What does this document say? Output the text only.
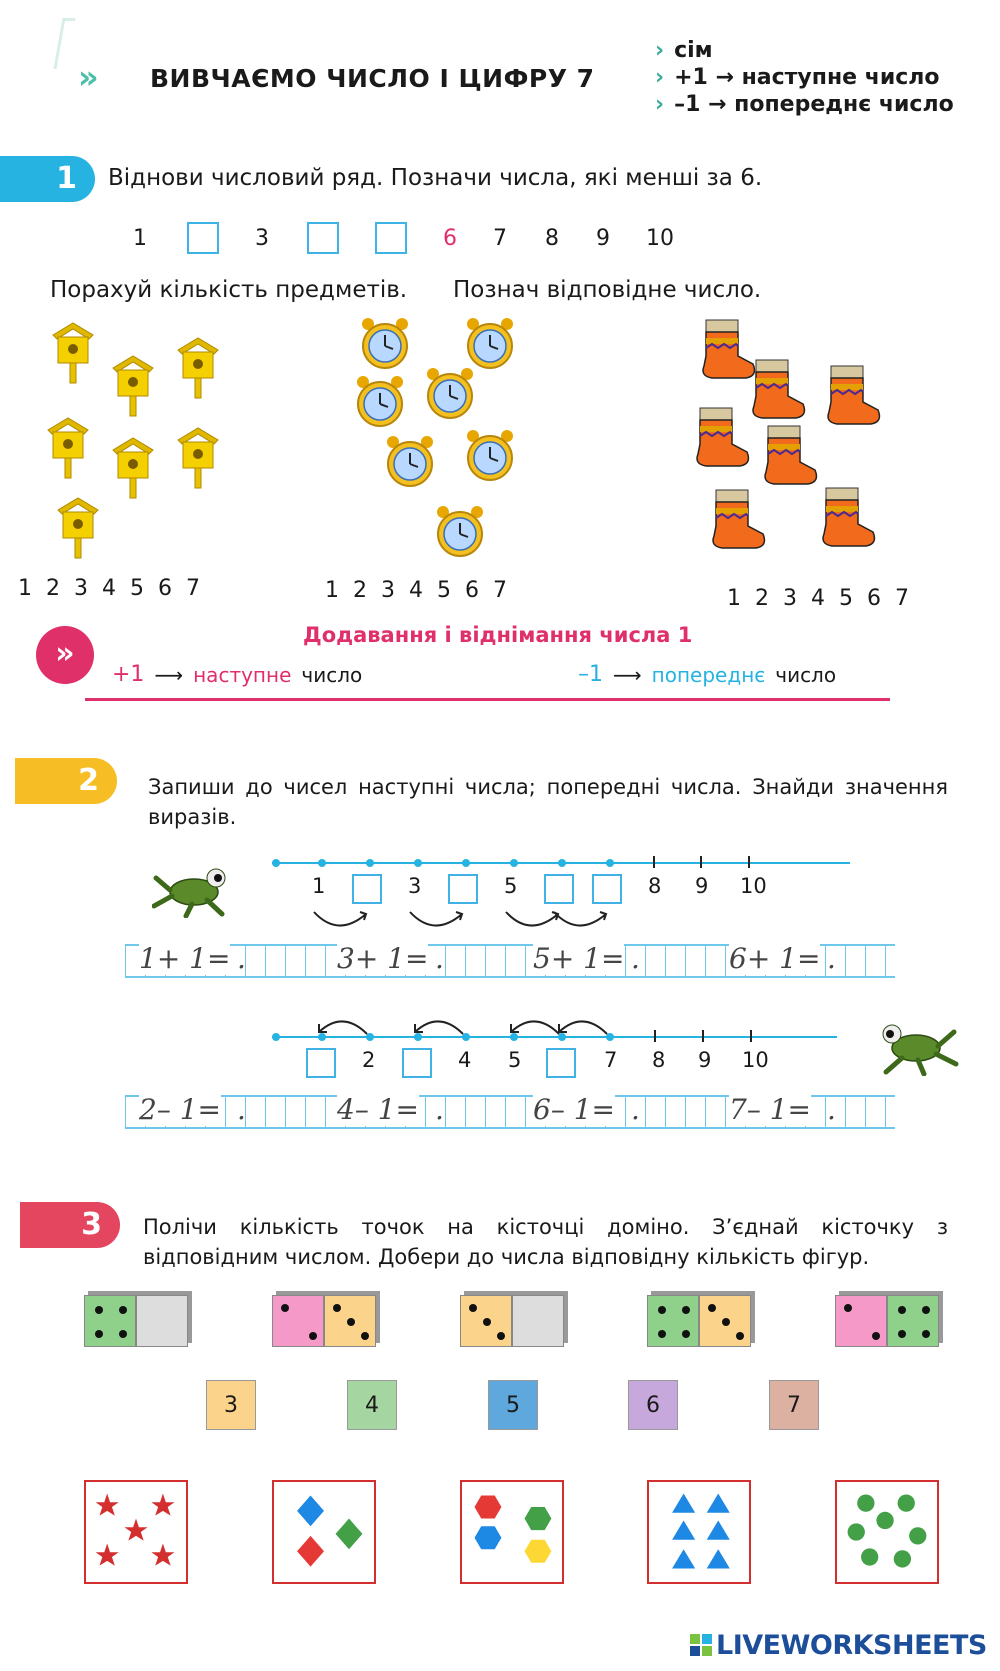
» ВИВЧАЄМО ЧИСЛО І ЦИФРУ 7
› сім
› +1 → наступне число
› –1 → попереднє число
1	Віднови числовий ряд. Позначи числа, які менші за 6.
1	3	6	7	8	9	10
Порахуй кількість предметів. Познач відповідне число.
1 2 3 4 5 6 7	1 2 3 4 5 6 7	1 2 3 4 5 6 7
»
Додавання і віднімання числа 1
+1 ⟶ наступне число	–1 ⟶ попереднє число
2	Запиши до чисел наступні числа; попередні числа. Знайди значення виразів.
1	3	5	8 9 10
1+ 1= .	3+ 1= .	5+ 1= .	6+ 1= .
2	4 5	7 8 9 10
2– 1= .	4– 1= .	6– 1= .	7– 1= .
3	Полічи кількість точок на кісточці доміно. З’єднай кісточку з відповідним числом. Добери до числа відповідну кількість фігур.
3	4	5	6	7
LIVEWORKSHEETS
